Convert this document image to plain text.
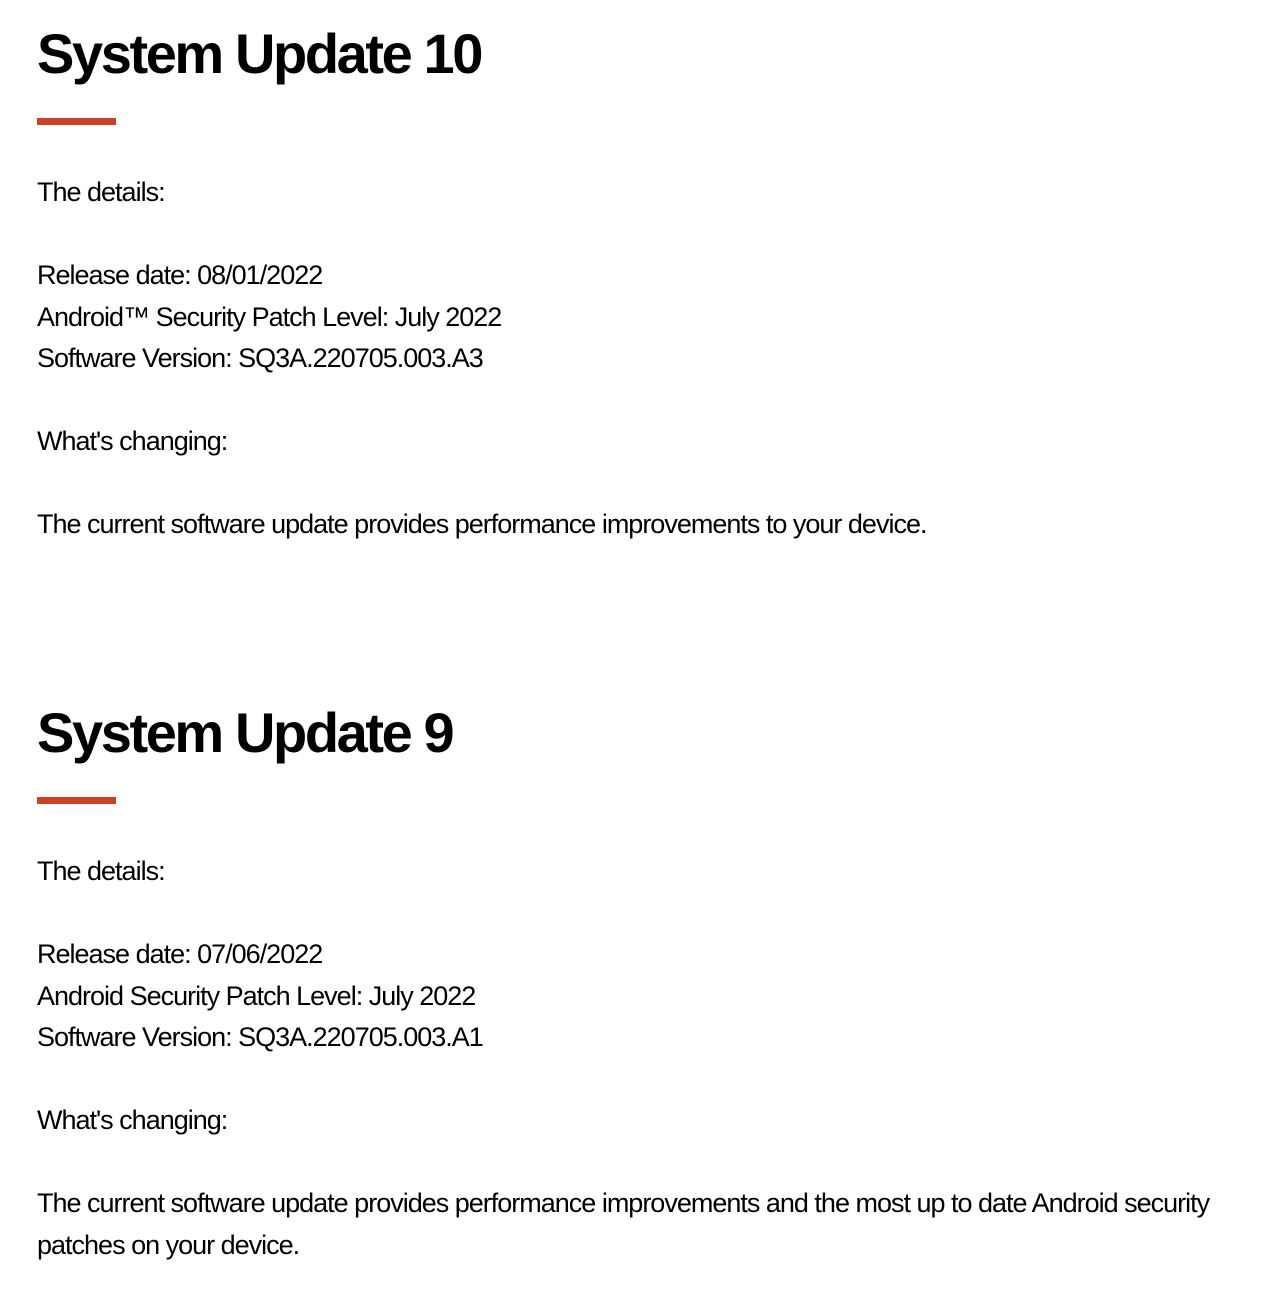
System Update 10

The details:

Release date: 08/01/2022
Android™ Security Patch Level: July 2022
Software Version: SQ3A.220705.003.A3

What's changing:

The current software update provides performance improvements to your device.

System Update 9

The details:

Release date: 07/06/2022
Android Security Patch Level: July 2022
Software Version: SQ3A.220705.003.A1

What's changing:

The current software update provides performance improvements and the most up to date Android security patches on your device.
